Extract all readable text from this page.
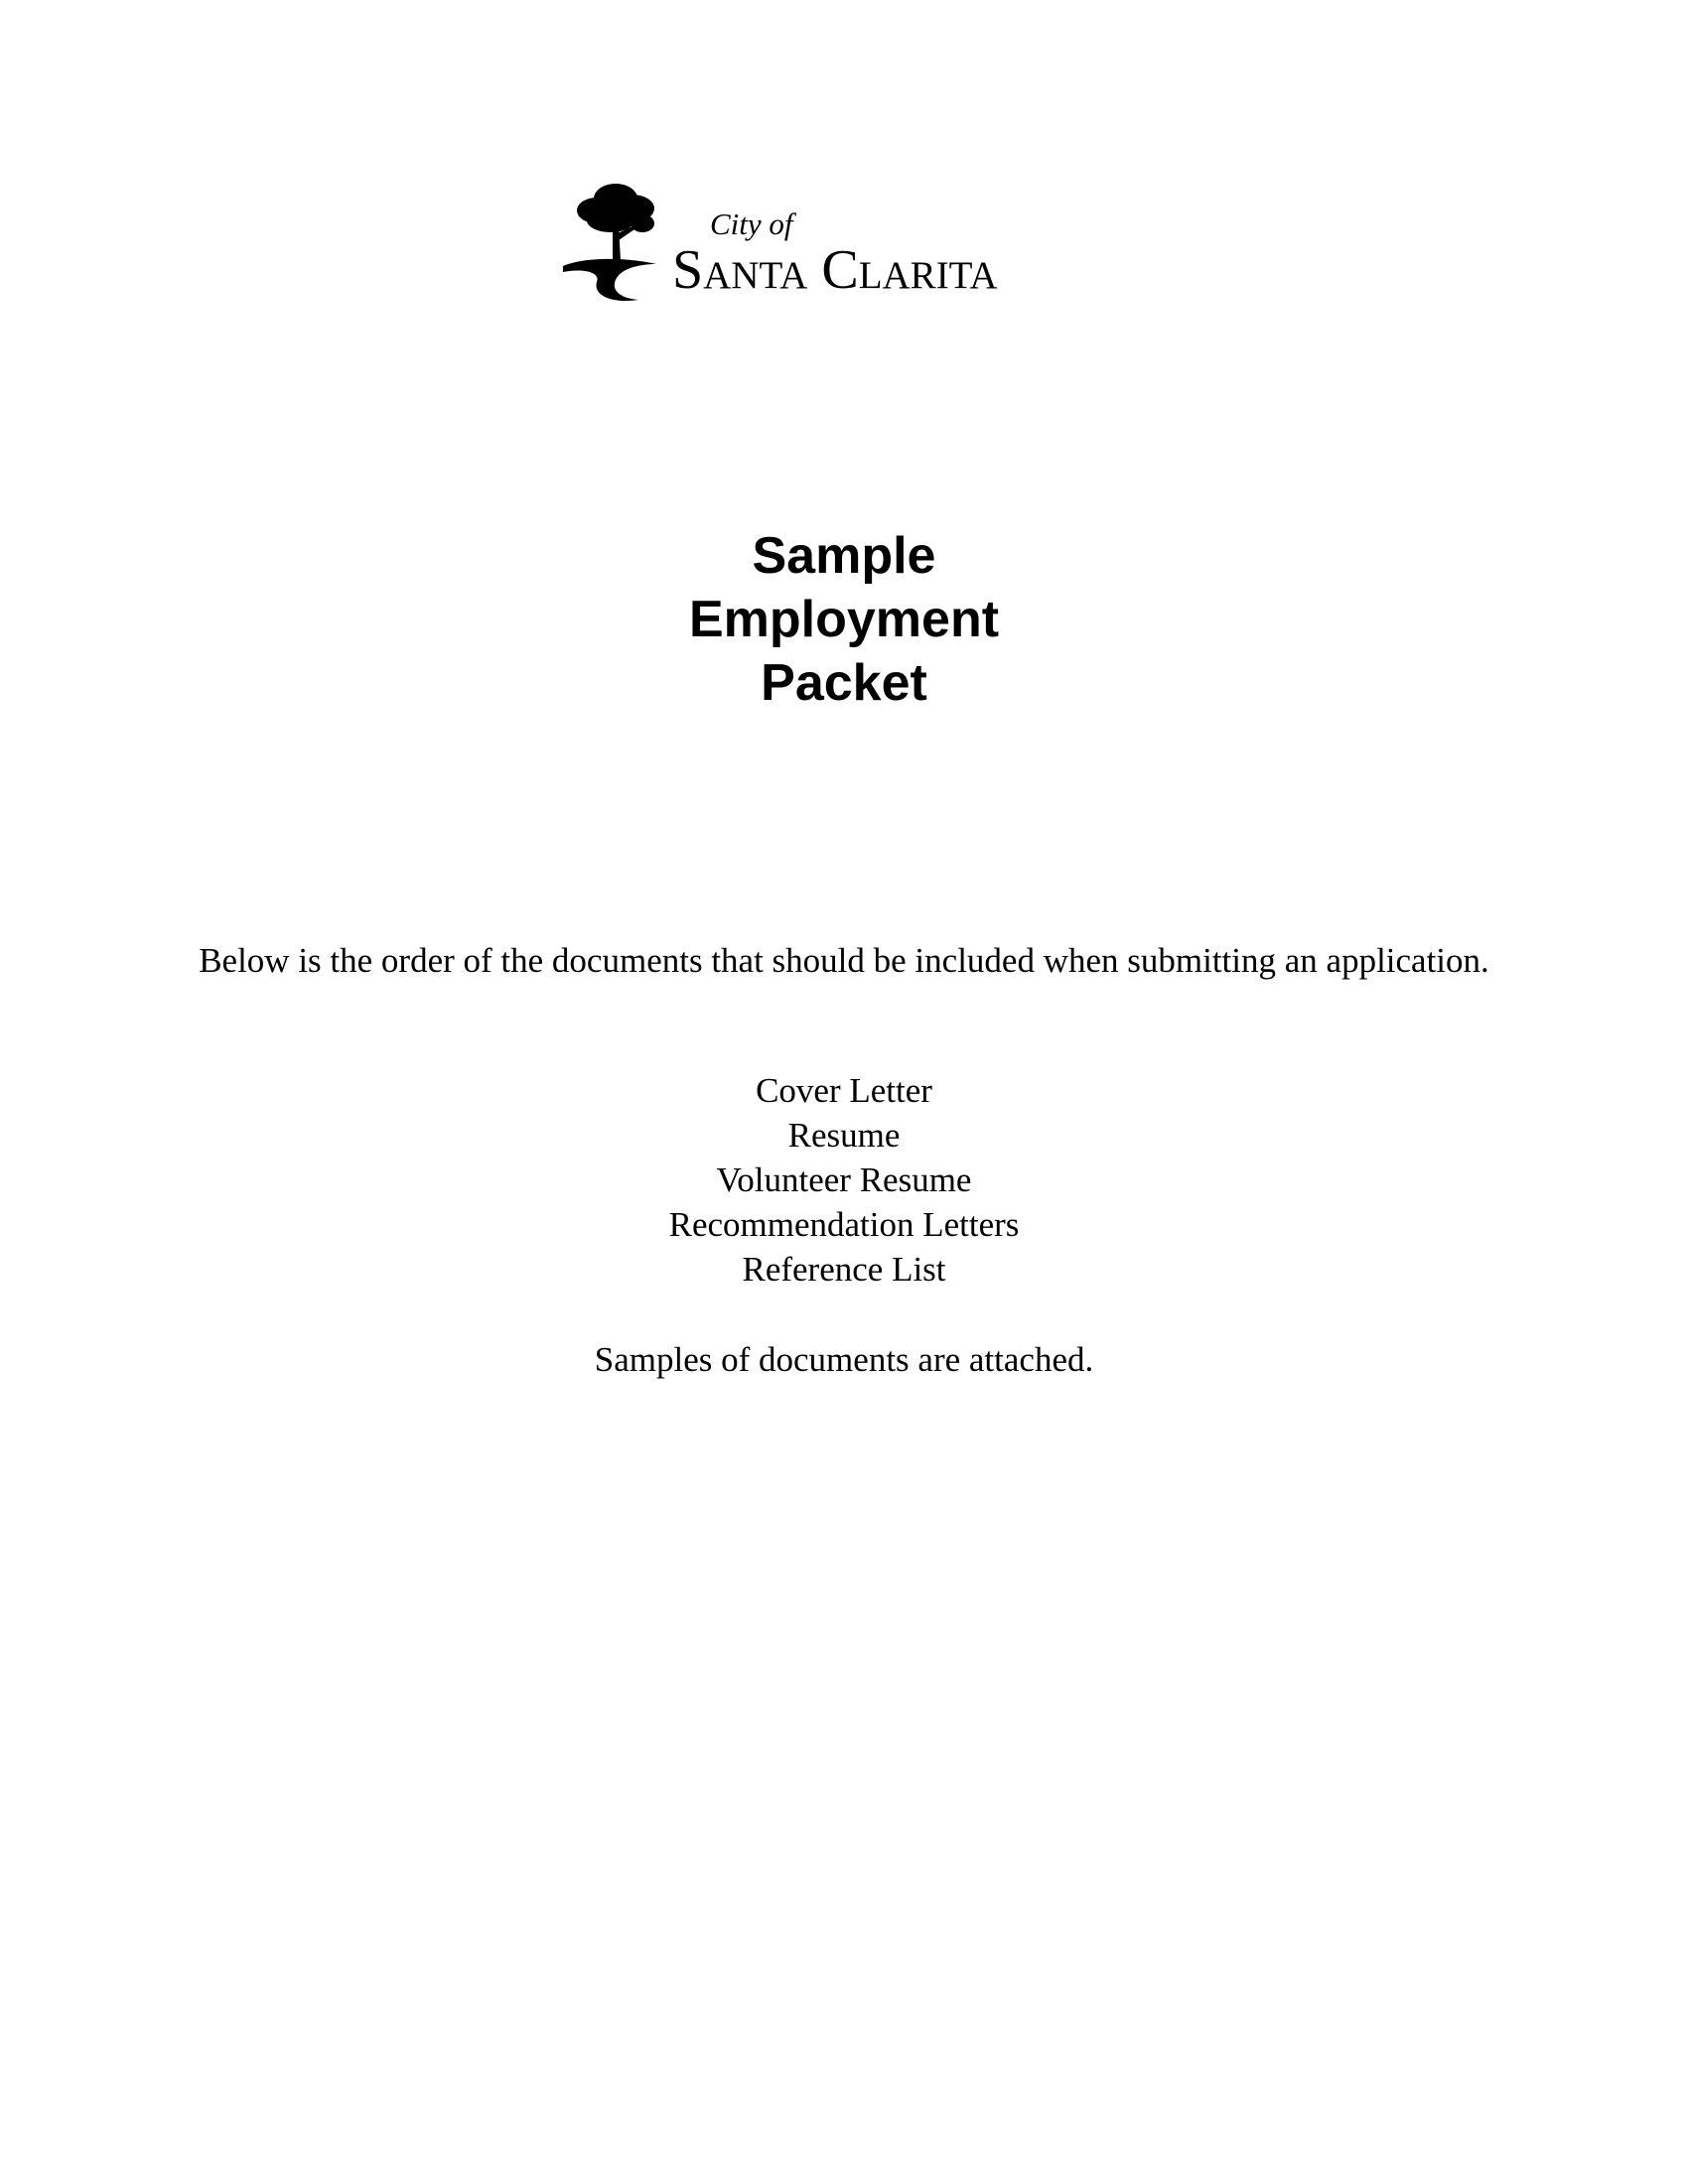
City of
Santa Clarita
Sample
Employment
Packet
Below is the order of the documents that should be included when submitting an application.
Cover Letter
Resume
Volunteer Resume
Recommendation Letters
Reference List
Samples of documents are attached.
